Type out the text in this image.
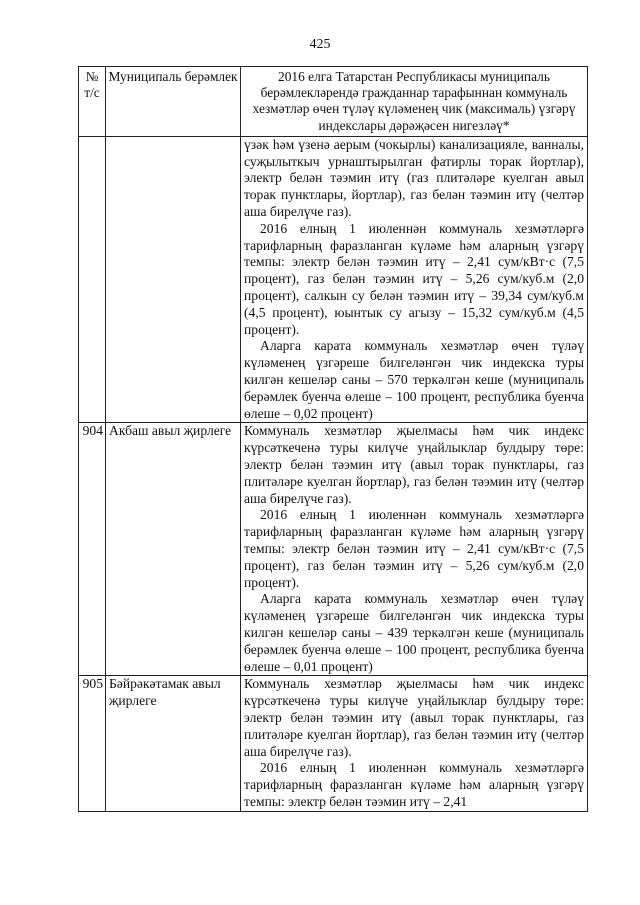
425
№ т/с	Муниципаль берәмлек	2016 елга Татарстан Республикасы муниципаль берәмлекләрендә гражданнар тарафыннан коммуналь хезмәтләр өчен түләү күләменең чик (максималь) үзгәрү индекслары дәрәҗәсен нигезләү*

		үзәк һәм үзенә аерым (чокырлы) канализацияле, ванналы, суҗылыткыч урнаштырылган фатирлы торак йортлар), электр белән тәэмин итү (газ плитәләре куелган авыл торак пунктлары, йортлар), газ белән тәэмин итү (челтәр аша бирелүче газ).

2016 елның 1 июленнән коммуналь хезмәтләргә тарифларның фаразланган күләме һәм аларның үзгәрү темпы: электр белән тәэмин итү – 2,41 сум/кВт·с (7,5 процент), газ белән тәэмин итү – 5,26 сум/куб.м (2,0 процент), салкын су белән тәэмин итү – 39,34 сум/куб.м (4,5 процент), юынтык су агызу – 15,32 сум/куб.м (4,5 процент).

Аларга карата коммуналь хезмәтләр өчен түләү күләменең үзгәреше билгеләнгән чик индекска туры килгән кешеләр саны – 570 теркәлгән кеше (муниципаль берәмлек буенча өлеше – 100 процент, республика буенча өлеше – 0,02 процент)

904	Акбаш авыл җирлеге	Коммуналь хезмәтләр җыелмасы һәм чик индекс күрсәткеченә туры килүче уңайлыклар булдыру төре: электр белән тәэмин итү (авыл торак пунктлары, газ плитәләре куелган йортлар), газ белән тәэмин итү (челтәр аша бирелүче газ).

2016 елның 1 июленнән коммуналь хезмәтләргә тарифларның фаразланган күләме һәм аларның үзгәрү темпы: электр белән тәэмин итү – 2,41 сум/кВт·с (7,5 процент), газ белән тәэмин итү – 5,26 сум/куб.м (2,0 процент).

Аларга карата коммуналь хезмәтләр өчен түләү күләменең үзгәреше билгеләнгән чик индекска туры килгән кешеләр саны – 439 теркәлгән кеше (муниципаль берәмлек буенча өлеше – 100 процент, республика буенча өлеше – 0,01 процент)

905	Бәйрәкәтамак авыл җирлеге	Коммуналь хезмәтләр җыелмасы һәм чик индекс күрсәткеченә туры килүче уңайлыклар булдыру төре: электр белән тәэмин итү (авыл торак пунктлары, газ плитәләре куелган йортлар), газ белән тәэмин итү (челтәр аша бирелүче газ).

2016 елның 1 июленнән коммуналь хезмәтләргә тарифларның фаразланган күләме һәм аларның үзгәрү темпы: электр белән тәэмин итү – 2,41
